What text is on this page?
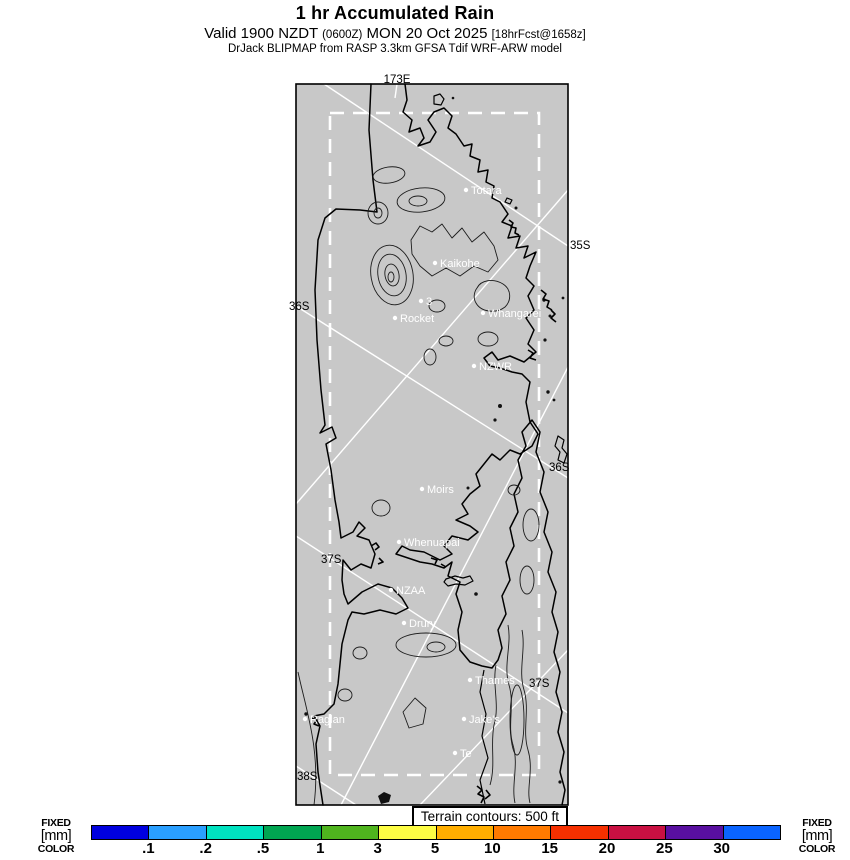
1 hr Accumulated Rain
Valid 1900 NZDT (0600Z) MON 20 Oct 2025 [18hrFcst@1658z]
DrJack BLIPMAP from RASP 3.3km GFSA Tdif WRF-ARW model
173E
35S
36S
36S
37S
37S
38S
Totara
Kaikohe
3
Rocket	Whangarei
NZWR
Moirs
Whenuapai
NZAA
Drury
Thames
Raglan	Jake's
Te
Terrain contours: 500 ft
.1	.2	.5	1	3	5	10	15	20	25	30
FIXED
[mm]
COLOR
FIXED
[mm]
COLOR
